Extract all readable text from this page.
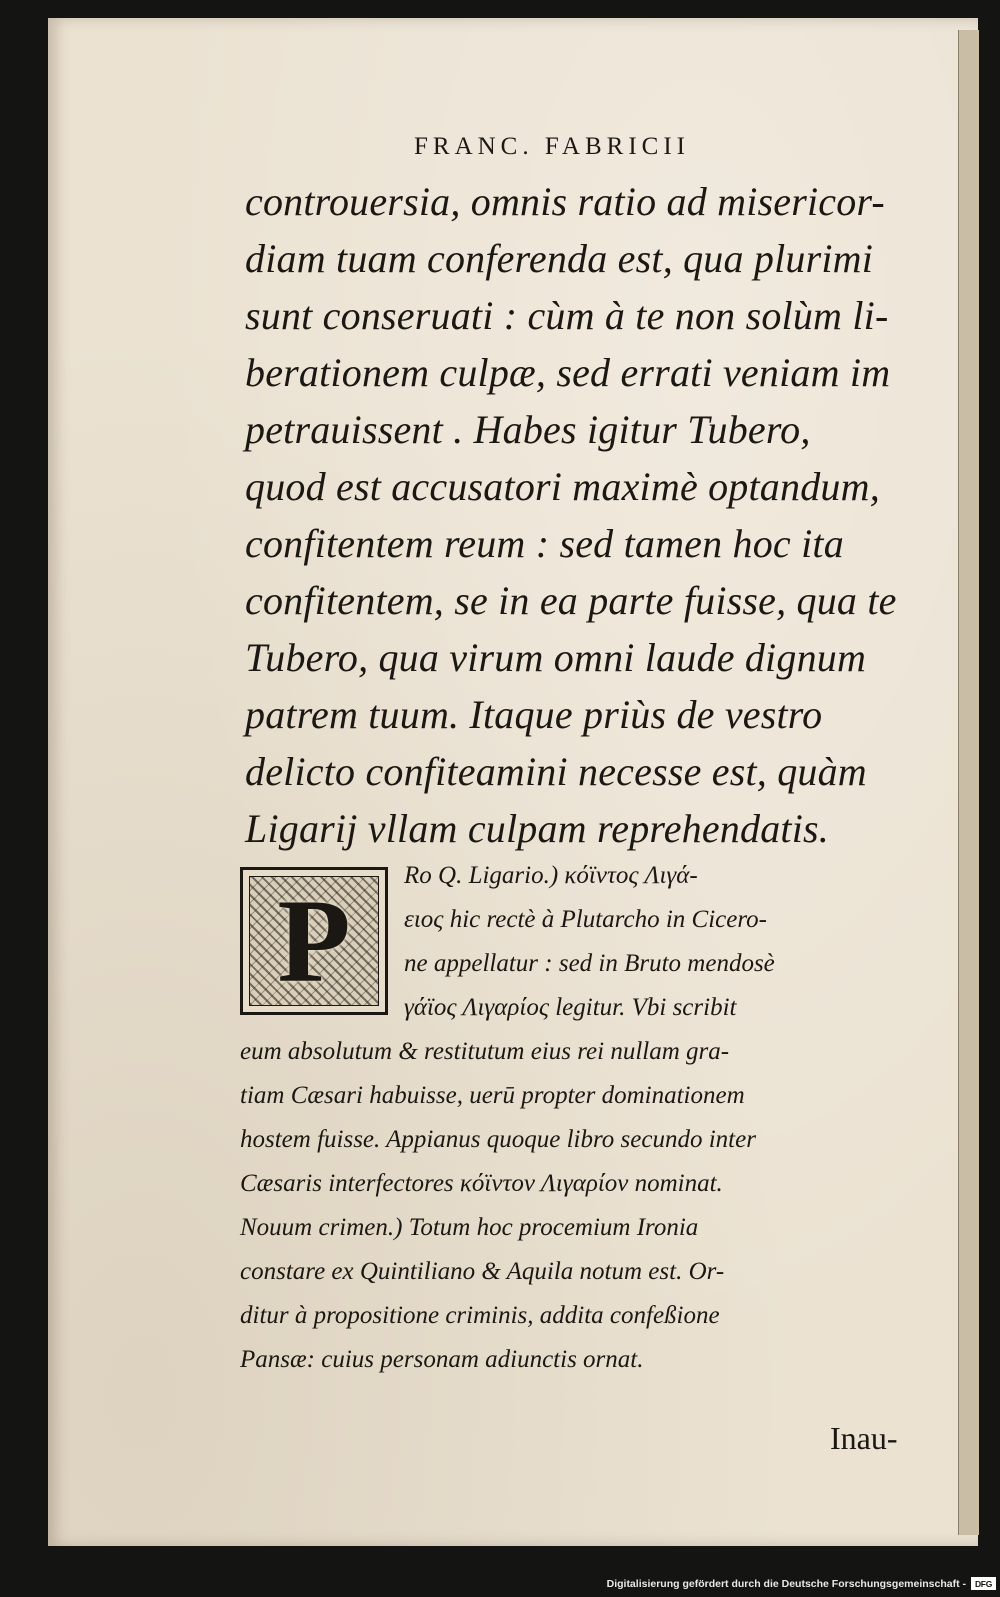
FRANC. FABRICII
controuersia, omnis ratio ad misericor-
diam tuam conferenda est, qua plurimi
sunt conseruati : cùm à te non solùm li-
berationem culpæ, sed errati veniam im
petrauissent . Habes igitur Tubero,
quod est accusatori maximè optandum,
confitentem reum : sed tamen hoc ita
confitentem, se in ea parte fuisse, qua te
Tubero, qua virum omni laude dignum
patrem tuum. Itaque priùs de vestro
delicto confiteamini necesse est, quàm
Ligarij vllam culpam reprehendatis.
P	Ro Q. Ligario.) κόϊντος Λιγά-
ειος hic rectè à Plutarcho in Cicero-
ne appellatur : sed in Bruto mendosè
γάϊος Λιγαρίος legitur. Vbi scribit
eum absolutum & restitutum eius rei nullam gra-
tiam Cæsari habuisse, uerū propter dominationem
hostem fuisse. Appianus quoque libro secundo inter
Cæsaris interfectores κόϊντον Λιγαρίον nominat.
Nouum crimen.) Totum hoc procemium Ironia
constare ex Quintiliano & Aquila notum est. Or-
ditur à propositione criminis, addita confeßione
Pansæ: cuius personam adiunctis ornat.
Inau-
Digitalisierung gefördert durch die Deutsche Forschungsgemeinschaft -	DFG
